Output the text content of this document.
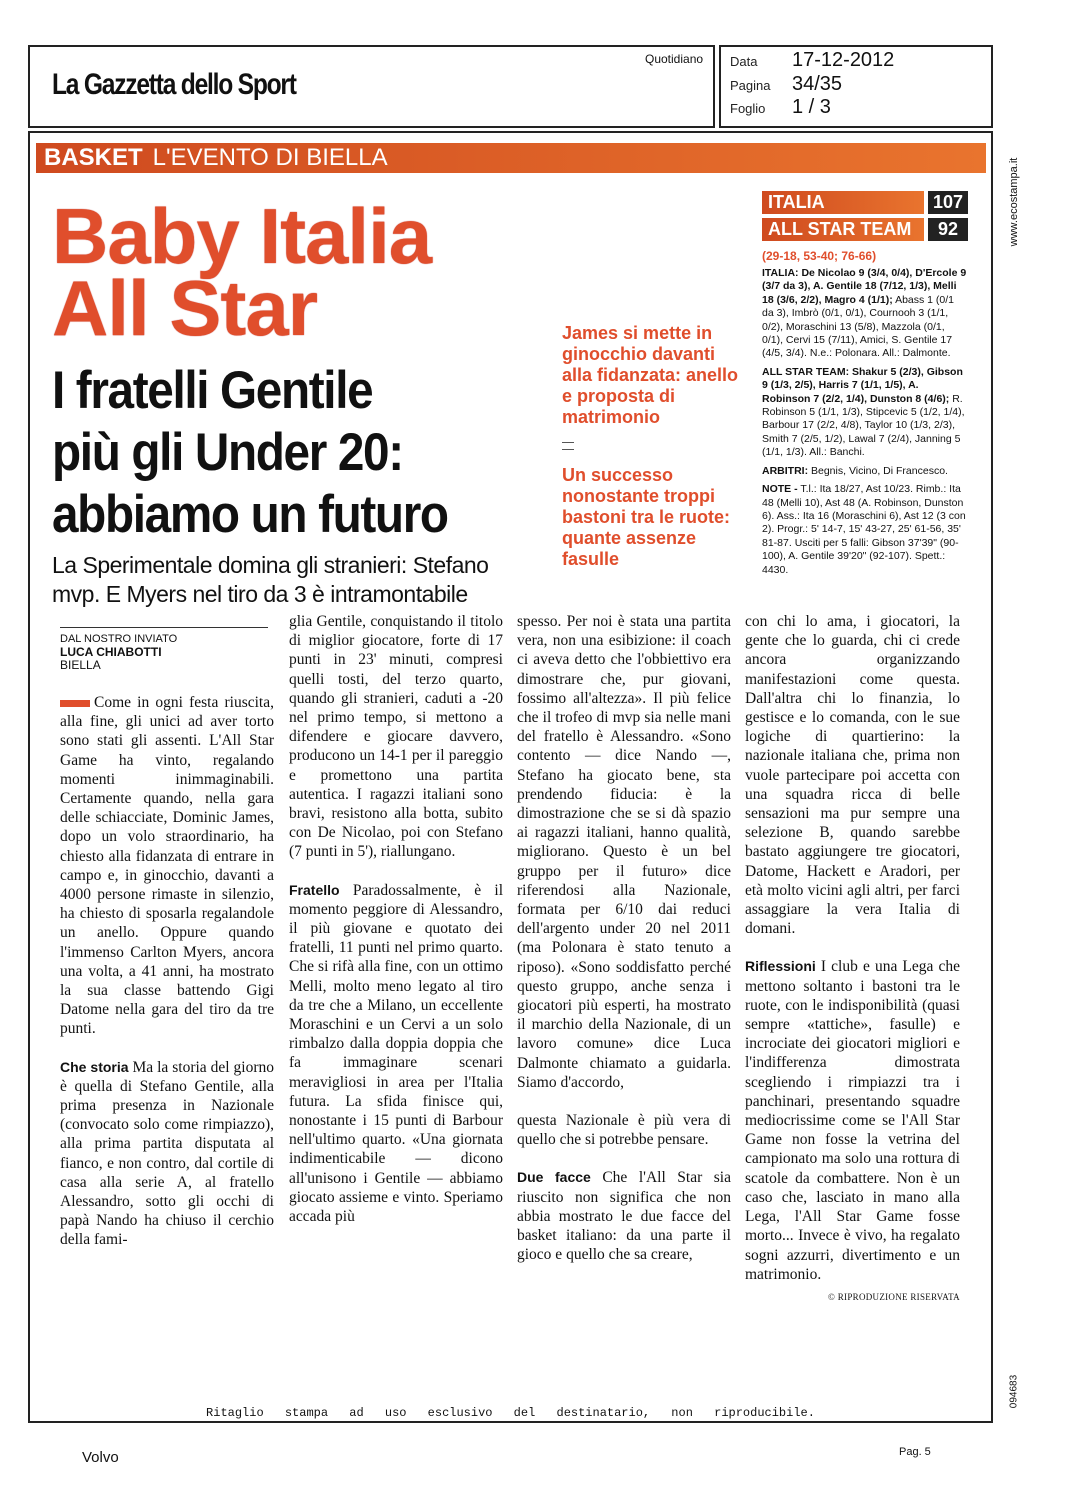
La Gazzetta dello Sport
Quotidiano Data 17-12-2012
Pagina 34/35
Foglio 1 / 3
www.ecostampa.it
094683
BASKET L'EVENTO DI BIELLA
Baby Italia
All Star
I fratelli Gentile
più gli Under 20:
abbiamo un futuro
La Sperimentale domina gli stranieri: Stefano mvp. E Myers nel tiro da 3 è intramontabile
James si mette in ginocchio davanti alla fidanzata: anello e proposta di matrimonio
Un successo nonostante troppi bastoni tra le ruote: quante assenze fasulle
ITALIA	107
ALL STAR TEAM	92
(29-18, 53-40; 76-66)

ITALIA: De Nicolao 9 (3/4, 0/4), D'Ercole 9 (3/7 da 3), A. Gentile 18 (7/12, 1/3), Melli 18 (3/6, 2/2), Magro 4 (1/1); Abass 1 (0/1 da 3), Imbrò (0/1, 0/1), Cournooh 3 (1/1, 0/2), Moraschini 13 (5/8), Mazzola (0/1, 0/1), Cervi 15 (7/11), Amici, S. Gentile 17 (4/5, 3/4). N.e.: Polonara. All.: Dalmonte.

ALL STAR TEAM: Shakur 5 (2/3), Gibson 9 (1/3, 2/5), Harris 7 (1/1, 1/5), A. Robinson 7 (2/2, 1/4), Dunston 8 (4/6); R. Robinson 5 (1/1, 1/3), Stipcevic 5 (1/2, 1/4), Barbour 17 (2/2, 4/8), Taylor 10 (1/3, 2/3), Smith 7 (2/5, 1/2), Lawal 7 (2/4), Janning 5 (1/1, 1/3). All.: Banchi.

ARBITRI: Begnis, Vicino, Di Francesco.

NOTE - T.l.: Ita 18/27, Ast 10/23. Rimb.: Ita 48 (Melli 10), Ast 48 (A. Robinson, Dunston 6). Ass.: Ita 16 (Moraschini 6), Ast 12 (3 con 2). Progr.: 5' 14-7, 15' 43-27, 25' 61-56, 35' 81-87. Usciti per 5 falli: Gibson 37'39" (90-100), A. Gentile 39'20" (92-107). Spett.: 4430.

DAL NOSTRO INVIATO
LUCA CHIABOTTI
BIELLA

Come in ogni festa riuscita, alla fine, gli unici ad aver torto sono stati gli assenti. L'All Star Game ha vinto, regalando momenti inimmaginabili. Certamente quando, nella gara delle schiacciate, Dominic James, dopo un volo straordinario, ha chiesto alla fidanzata di entrare in campo e, in ginocchio, davanti a 4000 persone rimaste in silenzio, ha chiesto di sposarla regalandole un anello. Oppure quando l'immenso Carlton Myers, ancora una volta, a 41 anni, ha mostrato la sua classe battendo Gigi Datome nella gara del tiro da tre punti.

Che storia Ma la storia del giorno è quella di Stefano Gentile, alla prima presenza in Nazionale (convocato solo come rimpiazzo), alla prima partita disputata al fianco, e non contro, dal cortile di casa alla serie A, al fratello Alessandro, sotto gli occhi di papà Nando ha chiuso il cerchio della fami-

glia Gentile, conquistando il titolo di miglior giocatore, forte di 17 punti in 23' minuti, compresi quelli tosti, del terzo quarto, quando gli stranieri, caduti a -20 nel primo tempo, si mettono a difendere e giocare davvero, producono un 14-1 per il pareggio e promettono una partita autentica. I ragazzi italiani sono bravi, resistono alla botta, subito con De Nicolao, poi con Stefano (7 punti in 5'), riallungano.

Fratello Paradossalmente, è il momento peggiore di Alessandro, il più giovane e quotato dei fratelli, 11 punti nel primo quarto. Che si rifà alla fine, con un ottimo Melli, molto meno legato al tiro da tre che a Milano, un eccellente Moraschini e un Cervi a un solo rimbalzo dalla doppia doppia che fa immaginare scenari meravigliosi in area per l'Italia futura. La sfida finisce qui, nonostante i 15 punti di Barbour nell'ultimo quarto. «Una giornata indimenticabile — dicono all'unisono i Gentile — abbiamo giocato assieme e vinto. Speriamo accada più

spesso. Per noi è stata una partita vera, non una esibizione: il coach ci aveva detto che l'obbiettivo era dimostrare che, pur giovani, fossimo all'altezza». Il più felice che il trofeo di mvp sia nelle mani del fratello è Alessandro. «Sono contento — dice Nando —, Stefano ha giocato bene, sta prendendo fiducia: è la dimostrazione che se si dà spazio ai ragazzi italiani, hanno qualità, migliorano. Questo è un bel gruppo per il futuro» dice riferendosi alla Nazionale, formata per 6/10 dai reduci dell'argento under 20 nel 2011 (ma Polonara è stato tenuto a riposo). «Sono soddisfatto perché questo gruppo, anche senza i giocatori più esperti, ha mostrato il marchio della Nazionale, di un lavoro comune» dice Luca Dalmonte chiamato a guidarla. Siamo d'accordo,

questa Nazionale è più vera di quello che si potrebbe pensare.

Due facce Che l'All Star sia riuscito non significa che non abbia mostrato le due facce del basket italiano: da una parte il gioco e quello che sa creare,

con chi lo ama, i giocatori, la gente che lo guarda, chi ci crede ancora organizzando manifestazioni come questa. Dall'altra chi lo finanzia, lo gestisce e lo comanda, con le sue logiche di quartierino: la nazionale italiana che, prima non vuole partecipare poi accetta con una squadra ricca di belle sensazioni ma pur sempre una selezione B, quando sarebbe bastato aggiungere tre giocatori, Datome, Hackett e Aradori, per età molto vicini agli altri, per farci assaggiare la vera Italia di domani.

Riflessioni I club e una Lega che mettono soltanto i bastoni tra le ruote, con le indisponibilità (quasi sempre «tattiche», fasulle) e incrociate dei giocatori migliori e l'indifferenza dimostrata scegliendo i rimpiazzi tra i panchinari, presentando squadre mediocrissime come se l'All Star Game non fosse la vetrina del campionato ma solo una rottura di scatole da combattere. Non è un caso che, lasciato in mano alla Lega, l'All Star Game fosse morto... Invece è vivo, ha regalato sogni azzurri, divertimento e un matrimonio.

© RIPRODUZIONE RISERVATA
Ritaglio stampa ad uso esclusivo del destinatario, non riproducibile.
Volvo	Pag. 5
